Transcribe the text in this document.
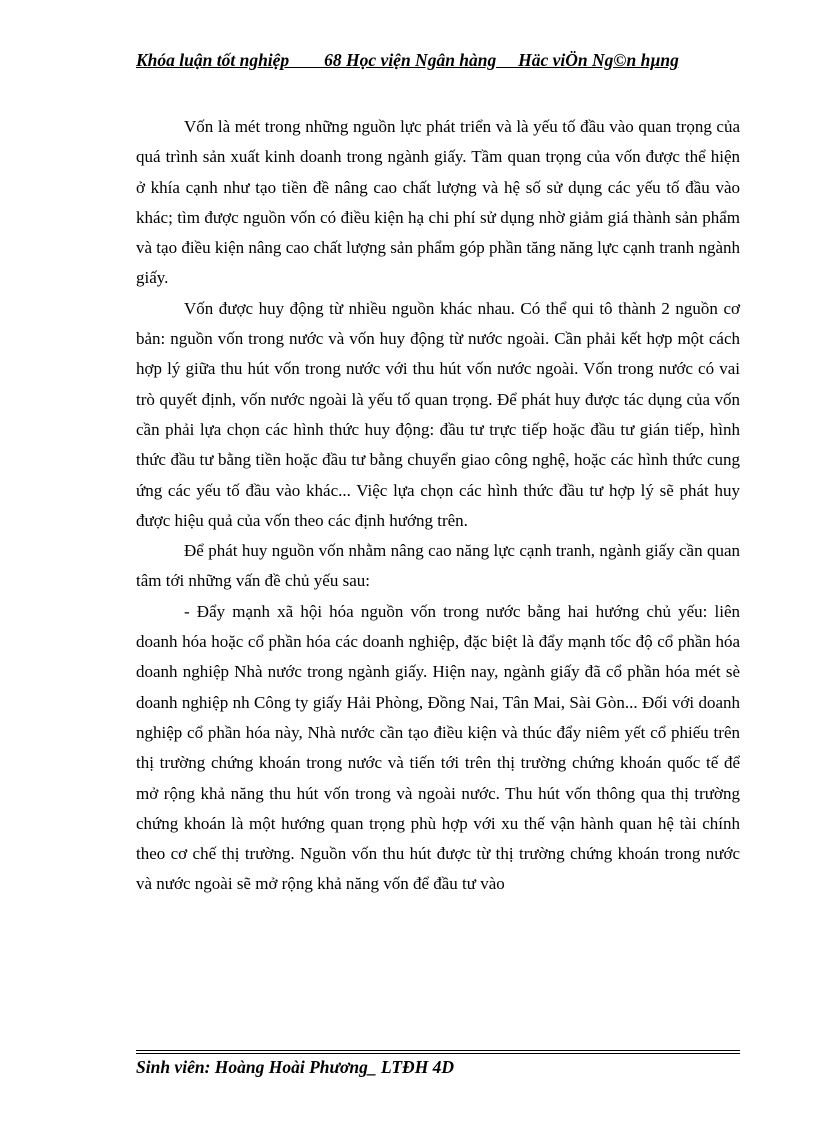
Khóa luận tốt nghiệp        68 Học viện Ngân hàng     Häc viÖn Ng©n hµng

Vốn là mét trong những nguồn lực phát triển và là yếu tố đầu vào quan trọng của quá trình sản xuất kinh doanh trong ngành giấy. Tầm quan trọng của vốn được thể hiện ở khía cạnh như tạo tiền đề nâng cao chất lượng và hệ số sử dụng các yếu tố đầu vào khác; tìm được nguồn vốn có điều kiện hạ chi phí sử dụng nhờ giảm giá thành sản phẩm và tạo điều kiện nâng cao chất lượng sản phẩm góp phần tăng năng lực cạnh tranh ngành giấy.

Vốn được huy động từ nhiều nguồn khác nhau. Có thể qui tô thành 2 nguồn cơ bản: nguồn vốn trong nước và vốn huy động từ nước ngoài. Cần phải kết hợp một cách hợp lý giữa thu hút vốn trong nước với thu hút vốn nước ngoài. Vốn trong nước có vai trò quyết định, vốn nước ngoài là yếu tố quan trọng. Để phát huy được tác dụng của vốn cần phải lựa chọn các hình thức huy động: đầu tư trực tiếp hoặc đầu tư gián tiếp, hình thức đầu tư bằng tiền hoặc đầu tư bằng chuyển giao công nghệ, hoặc các hình thức cung ứng các yếu tố đầu vào khác... Việc lựa chọn các hình thức đầu tư hợp lý sẽ phát huy được hiệu quả của vốn theo các định hướng trên.

Để phát huy nguồn vốn nhằm nâng cao năng lực cạnh tranh, ngành giấy cần quan tâm tới những vấn đề chủ yếu sau:

- Đẩy mạnh xã hội hóa nguồn vốn trong nước bằng hai hướng chủ yếu: liên doanh hóa hoặc cổ phần hóa các doanh nghiệp, đặc biệt là đẩy mạnh tốc độ cổ phần hóa doanh nghiệp Nhà nước trong ngành giấy. Hiện nay, ngành giấy đã cổ phần hóa mét sè doanh nghiệp nh Công ty giấy Hải Phòng, Đồng Nai, Tân Mai, Sài Gòn... Đối với doanh nghiệp cổ phần hóa này, Nhà nước cần tạo điều kiện và thúc đẩy niêm yết cổ phiếu trên thị trường chứng khoán trong nước và tiến tới trên thị trường chứng khoán quốc tế để mở rộng khả năng thu hút vốn trong và ngoài nước. Thu hút vốn thông qua thị trường chứng khoán là một hướng quan trọng phù hợp với xu thế vận hành quan hệ tài chính theo cơ chế thị trường. Nguồn vốn thu hút được từ thị trường chứng khoán trong nước và nước ngoài sẽ mở rộng khả năng vốn để đầu tư vào

Sinh viên: Hoàng Hoài Phương_ LTĐH 4D
